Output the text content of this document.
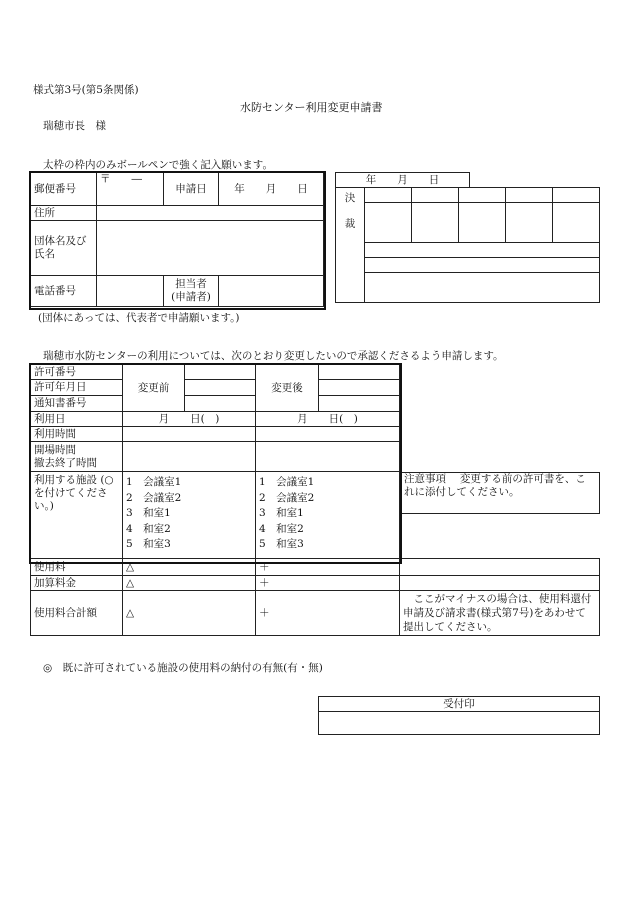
様式第3号(第5条関係)
水防センター利用変更申請書
瑞穂市長　様
太枠の枠内のみボールペンで強く記入願います。
郵便番号	〒　　―	申請日	年　　月　　日
住所			
団体名及び氏名			
電話番号		担当者
(申請者)	
(団体にあっては、代表者で申請願います。)
年　　月　　日
決

裁					

瑞穂市水防センターの利用については、次のとおり変更したいので承認くださるよう申請します。
許可番号	変更前		変更後		
許可年月日					
通知書番号					
利用日	月　　日(　)		月　　日(　)		
利用時間					
開場時間
撤去終了時間					
利用する施設 (○を付けてください。)	1　会議室1
2　会議室2
3　和室1
4　和室2
5　和室3		1　会議室1
2　会議室2
3　和室1
4　和室2
5　和室3		注意事項 　変更する前の許可書を、これに添付してください。

使用料	△		＋		
加算料金	△		＋		
使用料合計額	△		＋		　ここがマイナスの場合は、使用料還付申請及び請求書(様式第7号)をあわせて提出してください。
◎　既に許可されている施設の使用料の納付の有無(有・無)
受付印
